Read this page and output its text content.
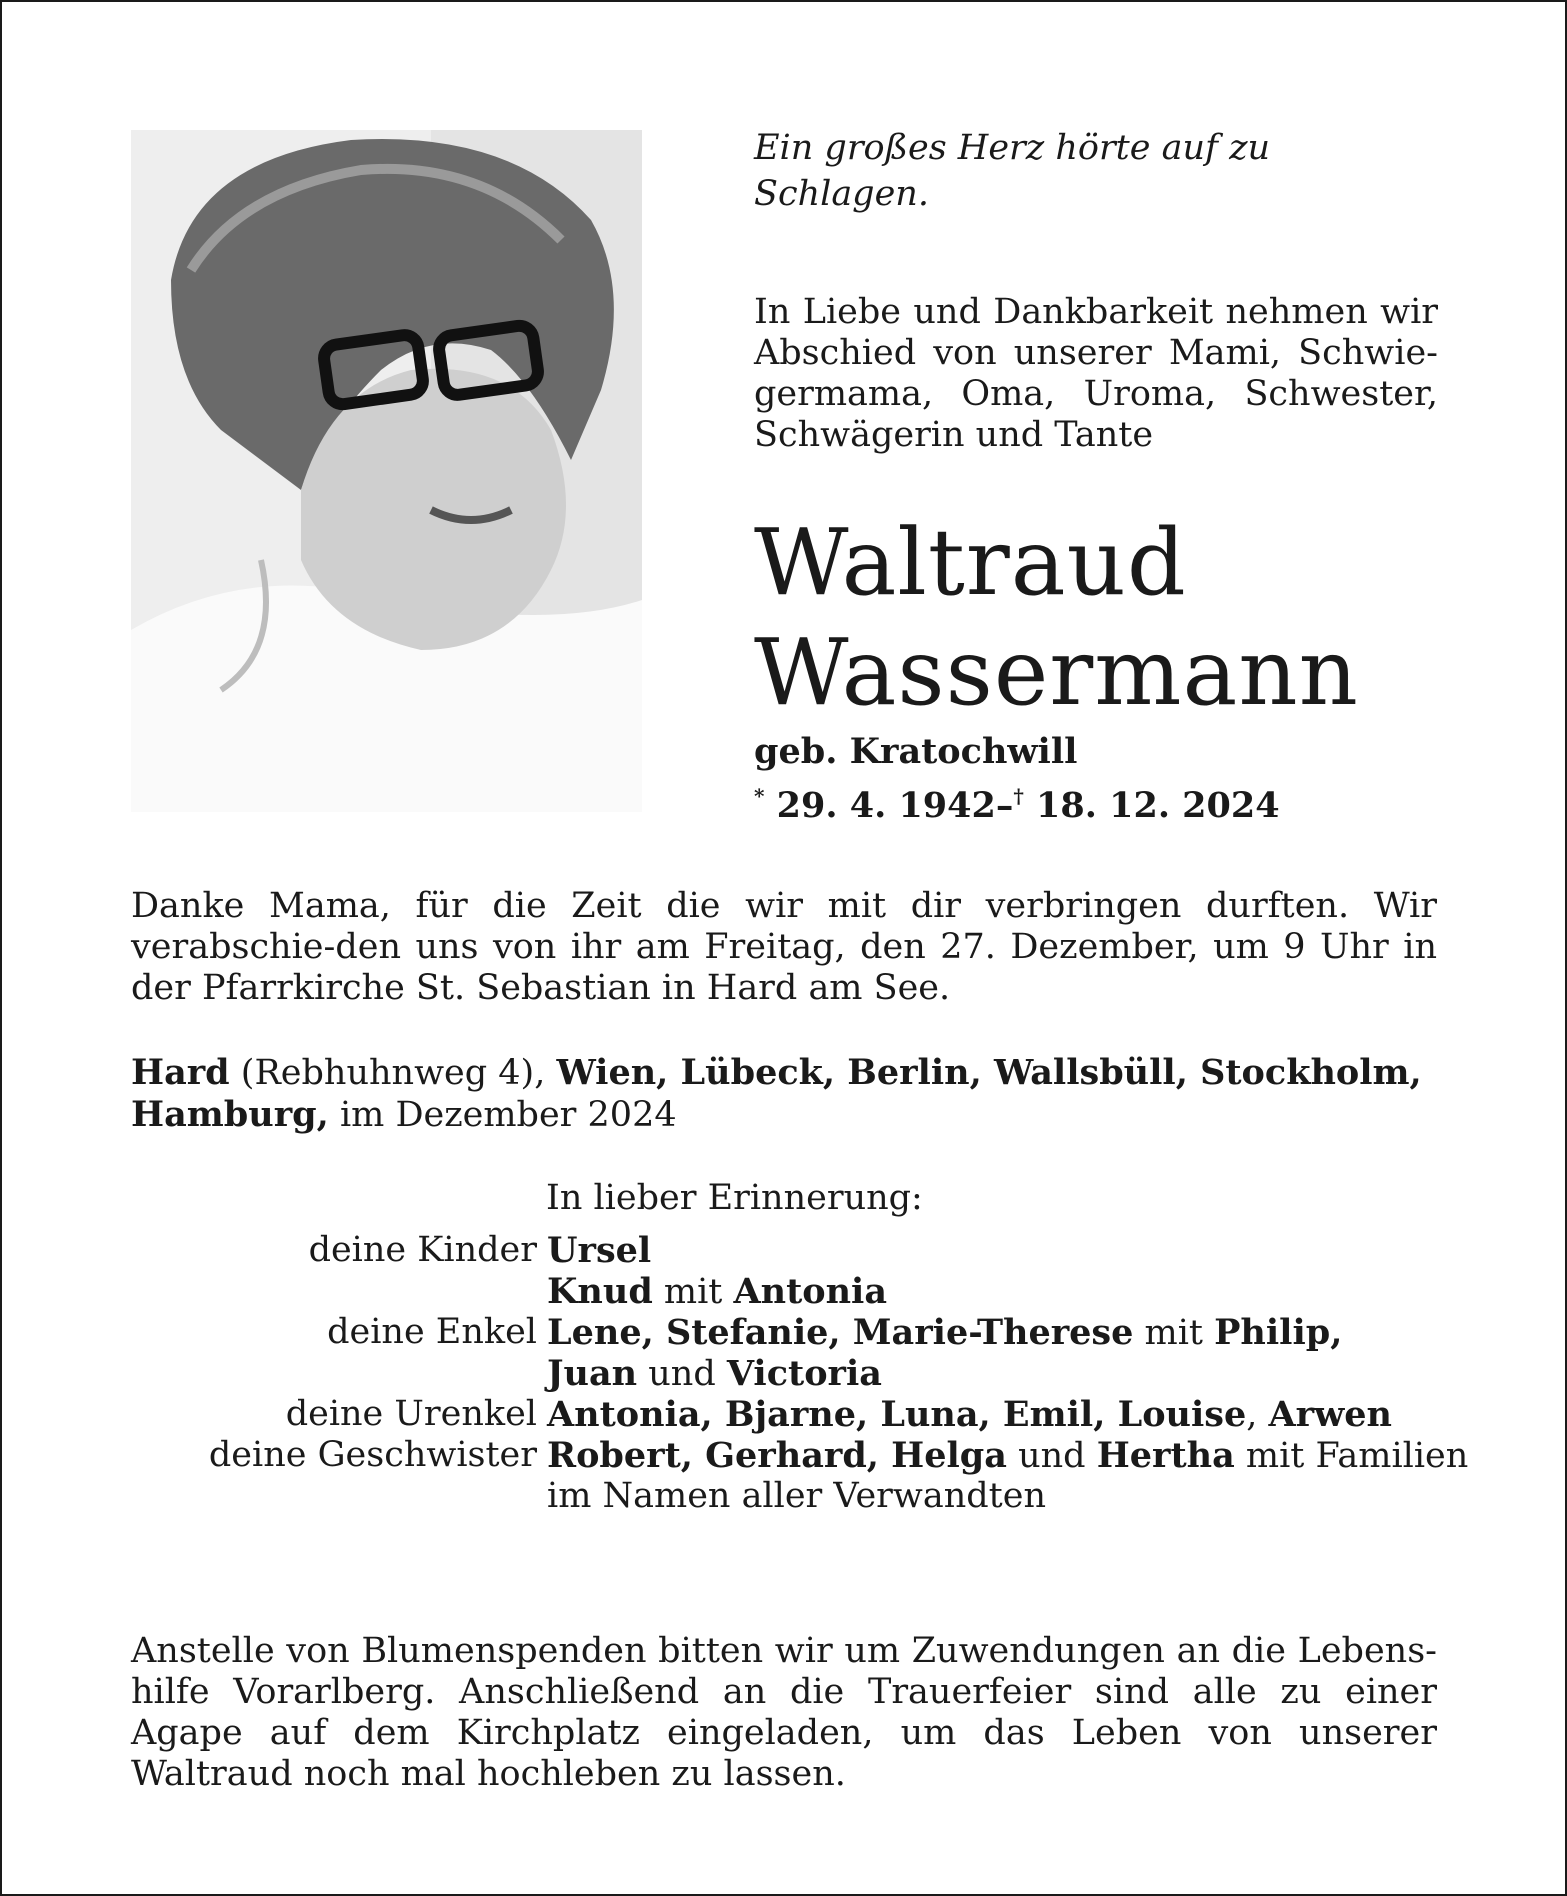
Ein großes Herz hörte auf zu Schlagen.
In Liebe und Dankbarkeit nehmen wir
Abschied von unserer Mami, Schwie-
germama, Oma, Uroma, Schwester,
Schwägerin und Tante
Waltraud
Wassermann
geb. Kratochwill
* 29. 4. 1942–† 18. 12. 2024
Danke Mama, für die Zeit die wir mit dir verbringen durften. Wir verabschie-den uns von ihr am Freitag, den 27. Dezember, um 9 Uhr in der Pfarrkirche St. Sebastian in Hard am See.
Hard (Rebhuhnweg 4), Wien, Lübeck, Berlin, Wallsbüll, Stockholm,
Hamburg, im Dezember 2024
In lieber Erinnerung:
deine Kinder Ursel
Knud mit Antonia
deine Enkel Lene, Stefanie, Marie-Therese mit Philip,
Juan und Victoria
deine Urenkel Antonia, Bjarne, Luna, Emil, Louise, Arwen
deine Geschwister Robert, Gerhard, Helga und Hertha mit Familien
im Namen aller Verwandten
Anstelle von Blumenspenden bitten wir um Zuwendungen an die Lebens-hilfe Vorarlberg. Anschließend an die Trauerfeier sind alle zu einer Agape auf dem Kirchplatz eingeladen, um das Leben von unserer Waltraud noch mal hochleben zu lassen.
